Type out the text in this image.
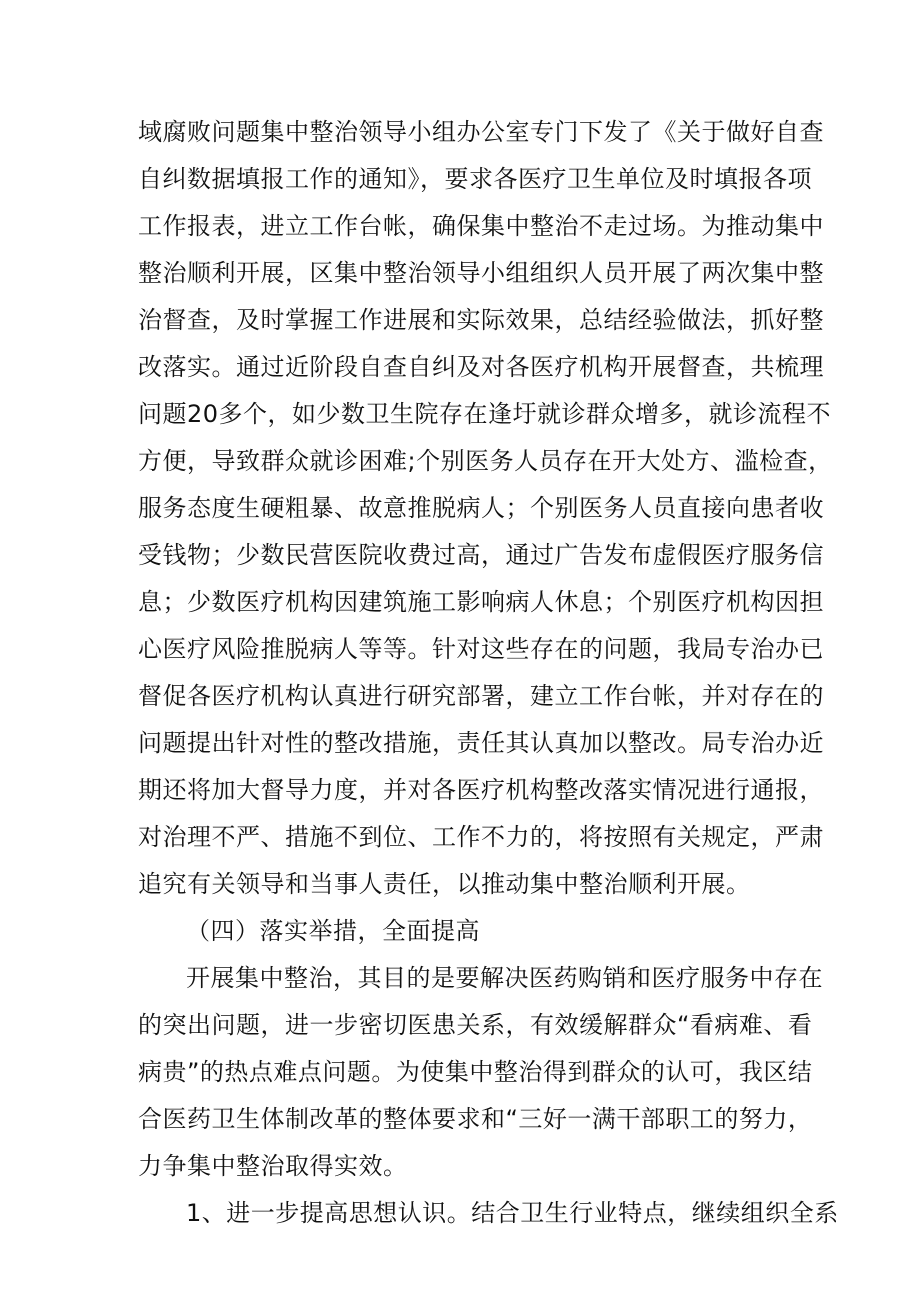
域腐败问题集中整治领导小组办公室专门下发了《关于做好自查
自纠数据填报工作的通知》，要求各医疗卫生单位及时填报各项
工作报表，进立工作台帐，确保集中整治不走过场。为推动集中
整治顺利开展，区集中整治领导小组组织人员开展了两次集中整
治督查，及时掌握工作进展和实际效果，总结经验做法，抓好整
改落实。通过近阶段自查自纠及对各医疗机构开展督查，共梳理
问题20多个，如少数卫生院存在逢圩就诊群众增多，就诊流程不
方便，导致群众就诊困难;个别医务人员存在开大处方、滥检查，
服务态度生硬粗暴、故意推脱病人；个别医务人员直接向患者收
受钱物；少数民营医院收费过高，通过广告发布虚假医疗服务信
息；少数医疗机构因建筑施工影响病人休息；个别医疗机构因担
心医疗风险推脱病人等等。针对这些存在的问题，我局专治办已
督促各医疗机构认真进行研究部署，建立工作台帐，并对存在的
问题提出针对性的整改措施，责任其认真加以整改。局专治办近
期还将加大督导力度，并对各医疗机构整改落实情况进行通报，
对治理不严、措施不到位、工作不力的，将按照有关规定，严肃
追究有关领导和当事人责任，以推动集中整治顺利开展。
（四）落实举措，全面提高
开展集中整治，其目的是要解决医药购销和医疗服务中存在
的突出问题，进一步密切医患关系，有效缓解群众“看病难、看
病贵”的热点难点问题。为使集中整治得到群众的认可，我区结
合医药卫生体制改革的整体要求和“三好一满干部职工的努力，
力争集中整治取得实效。
1、进一步提高思想认识。结合卫生行业特点，继续组织全系
